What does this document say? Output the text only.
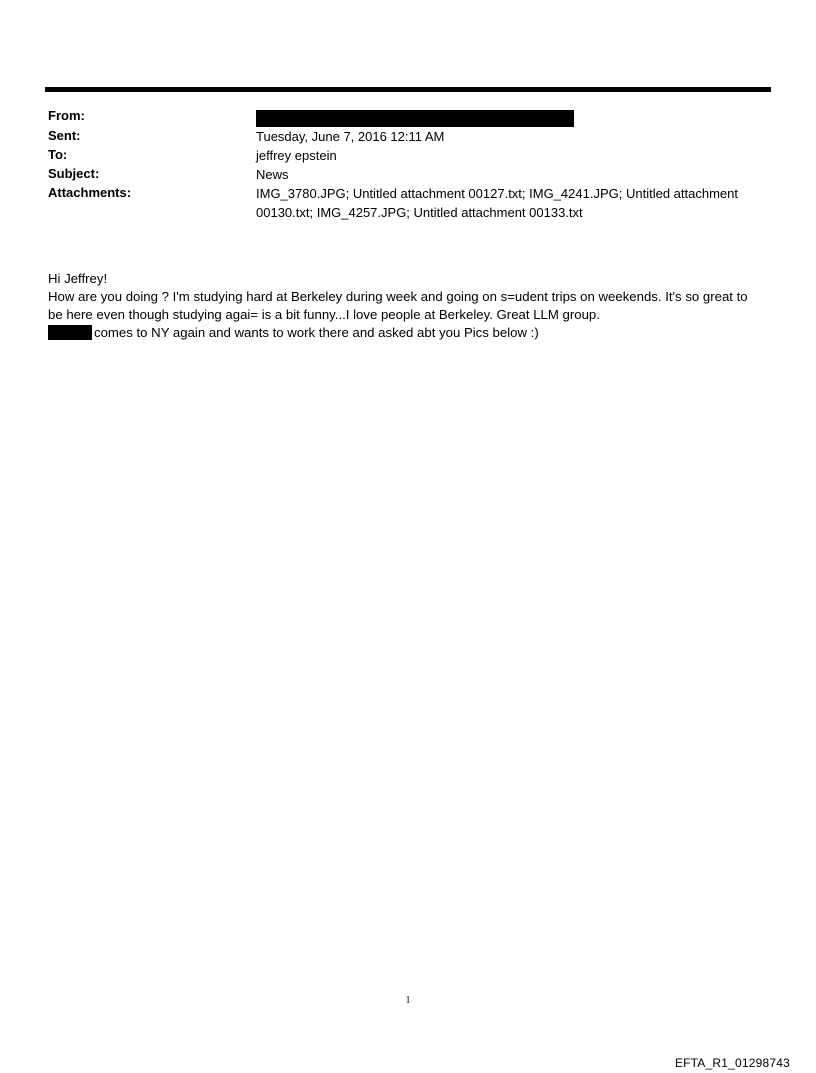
From:
Sent:	Tuesday, June 7, 2016 12:11 AM
To:	jeffrey epstein
Subject:	News
Attachments:	IMG_3780.JPG; Untitled attachment 00127.txt; IMG_4241.JPG; Untitled attachment
00130.txt; IMG_4257.JPG; Untitled attachment 00133.txt

Hi Jeffrey!

How are you doing ? I'm studying hard at Berkeley during week and going on s=udent trips on weekends. It's so great to

be here even though studying agai= is a bit funny...I love people at Berkeley. Great LLM group.

comes to NY again and wants to work there and asked abt you Pics below :)

1
EFTA_R1_01298743
